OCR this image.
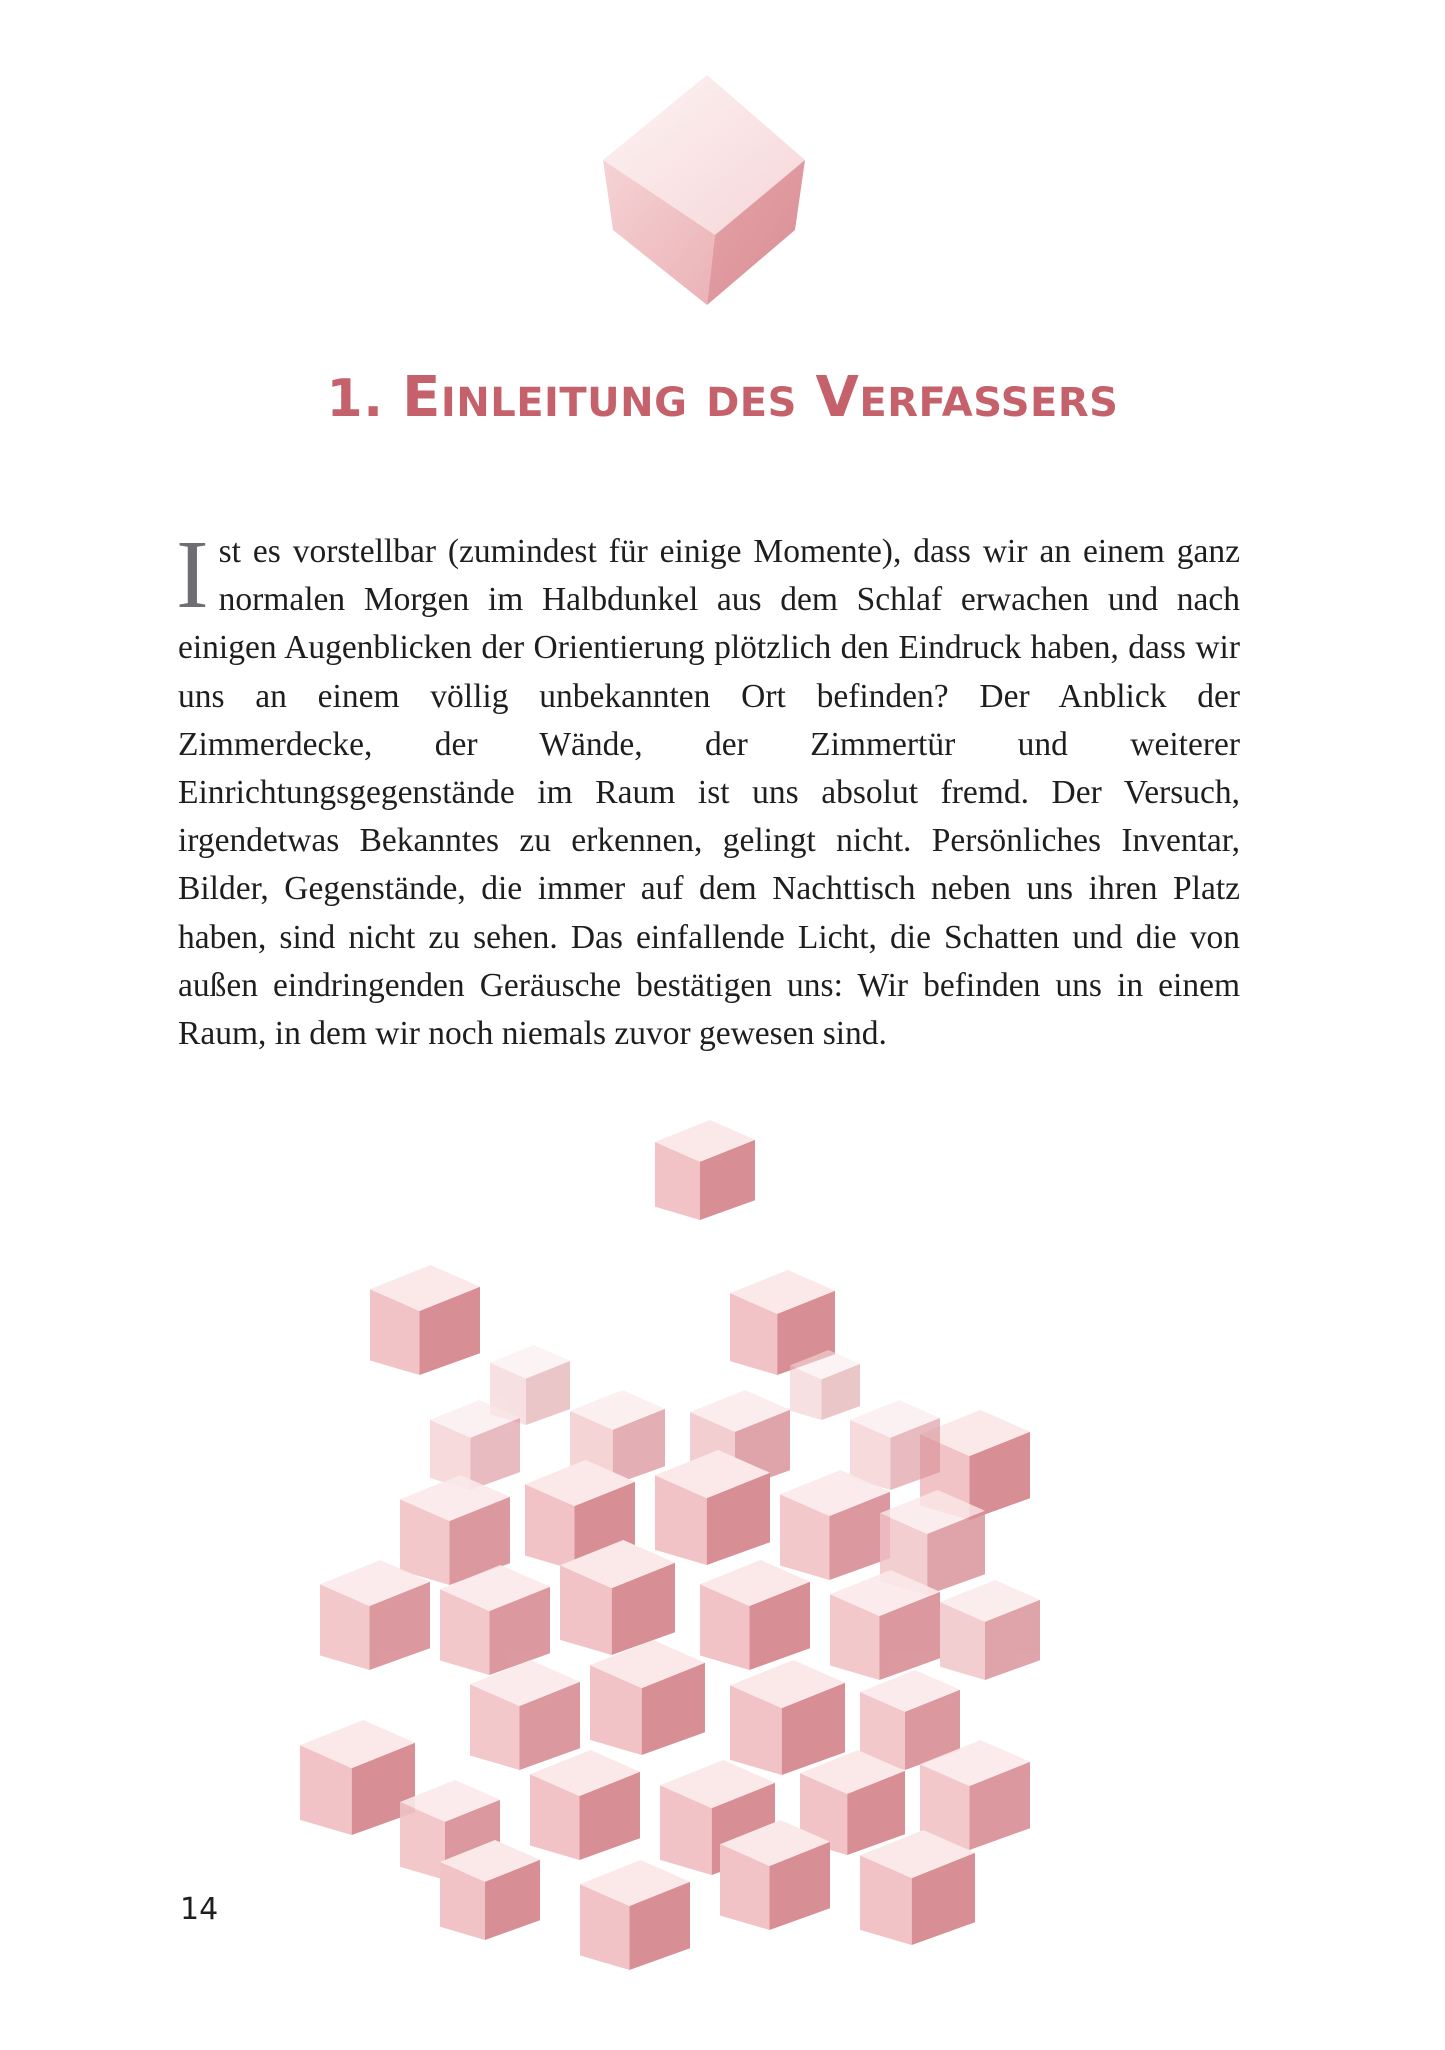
1. EINLEITUNG DES VERFASSERS

Ist es vorstellbar (zumindest für einige Momente), dass wir an einem ganz normalen Morgen im Halbdunkel aus dem Schlaf erwachen und nach einigen Augenblicken der Orientierung plötzlich den Eindruck haben, dass wir uns an einem völlig unbekannten Ort befinden? Der Anblick der Zimmerdecke, der Wände, der Zimmertür und weiterer Einrichtungsgegenstände im Raum ist uns absolut fremd. Der Versuch, irgendetwas Bekanntes zu erkennen, gelingt nicht. Persönliches Inventar, Bilder, Gegenstände, die immer auf dem Nachttisch neben uns ihren Platz haben, sind nicht zu sehen. Das einfallende Licht, die Schatten und die von außen eindringenden Geräusche bestätigen uns: Wir befinden uns in einem Raum, in dem wir noch niemals zuvor gewesen sind.

14
